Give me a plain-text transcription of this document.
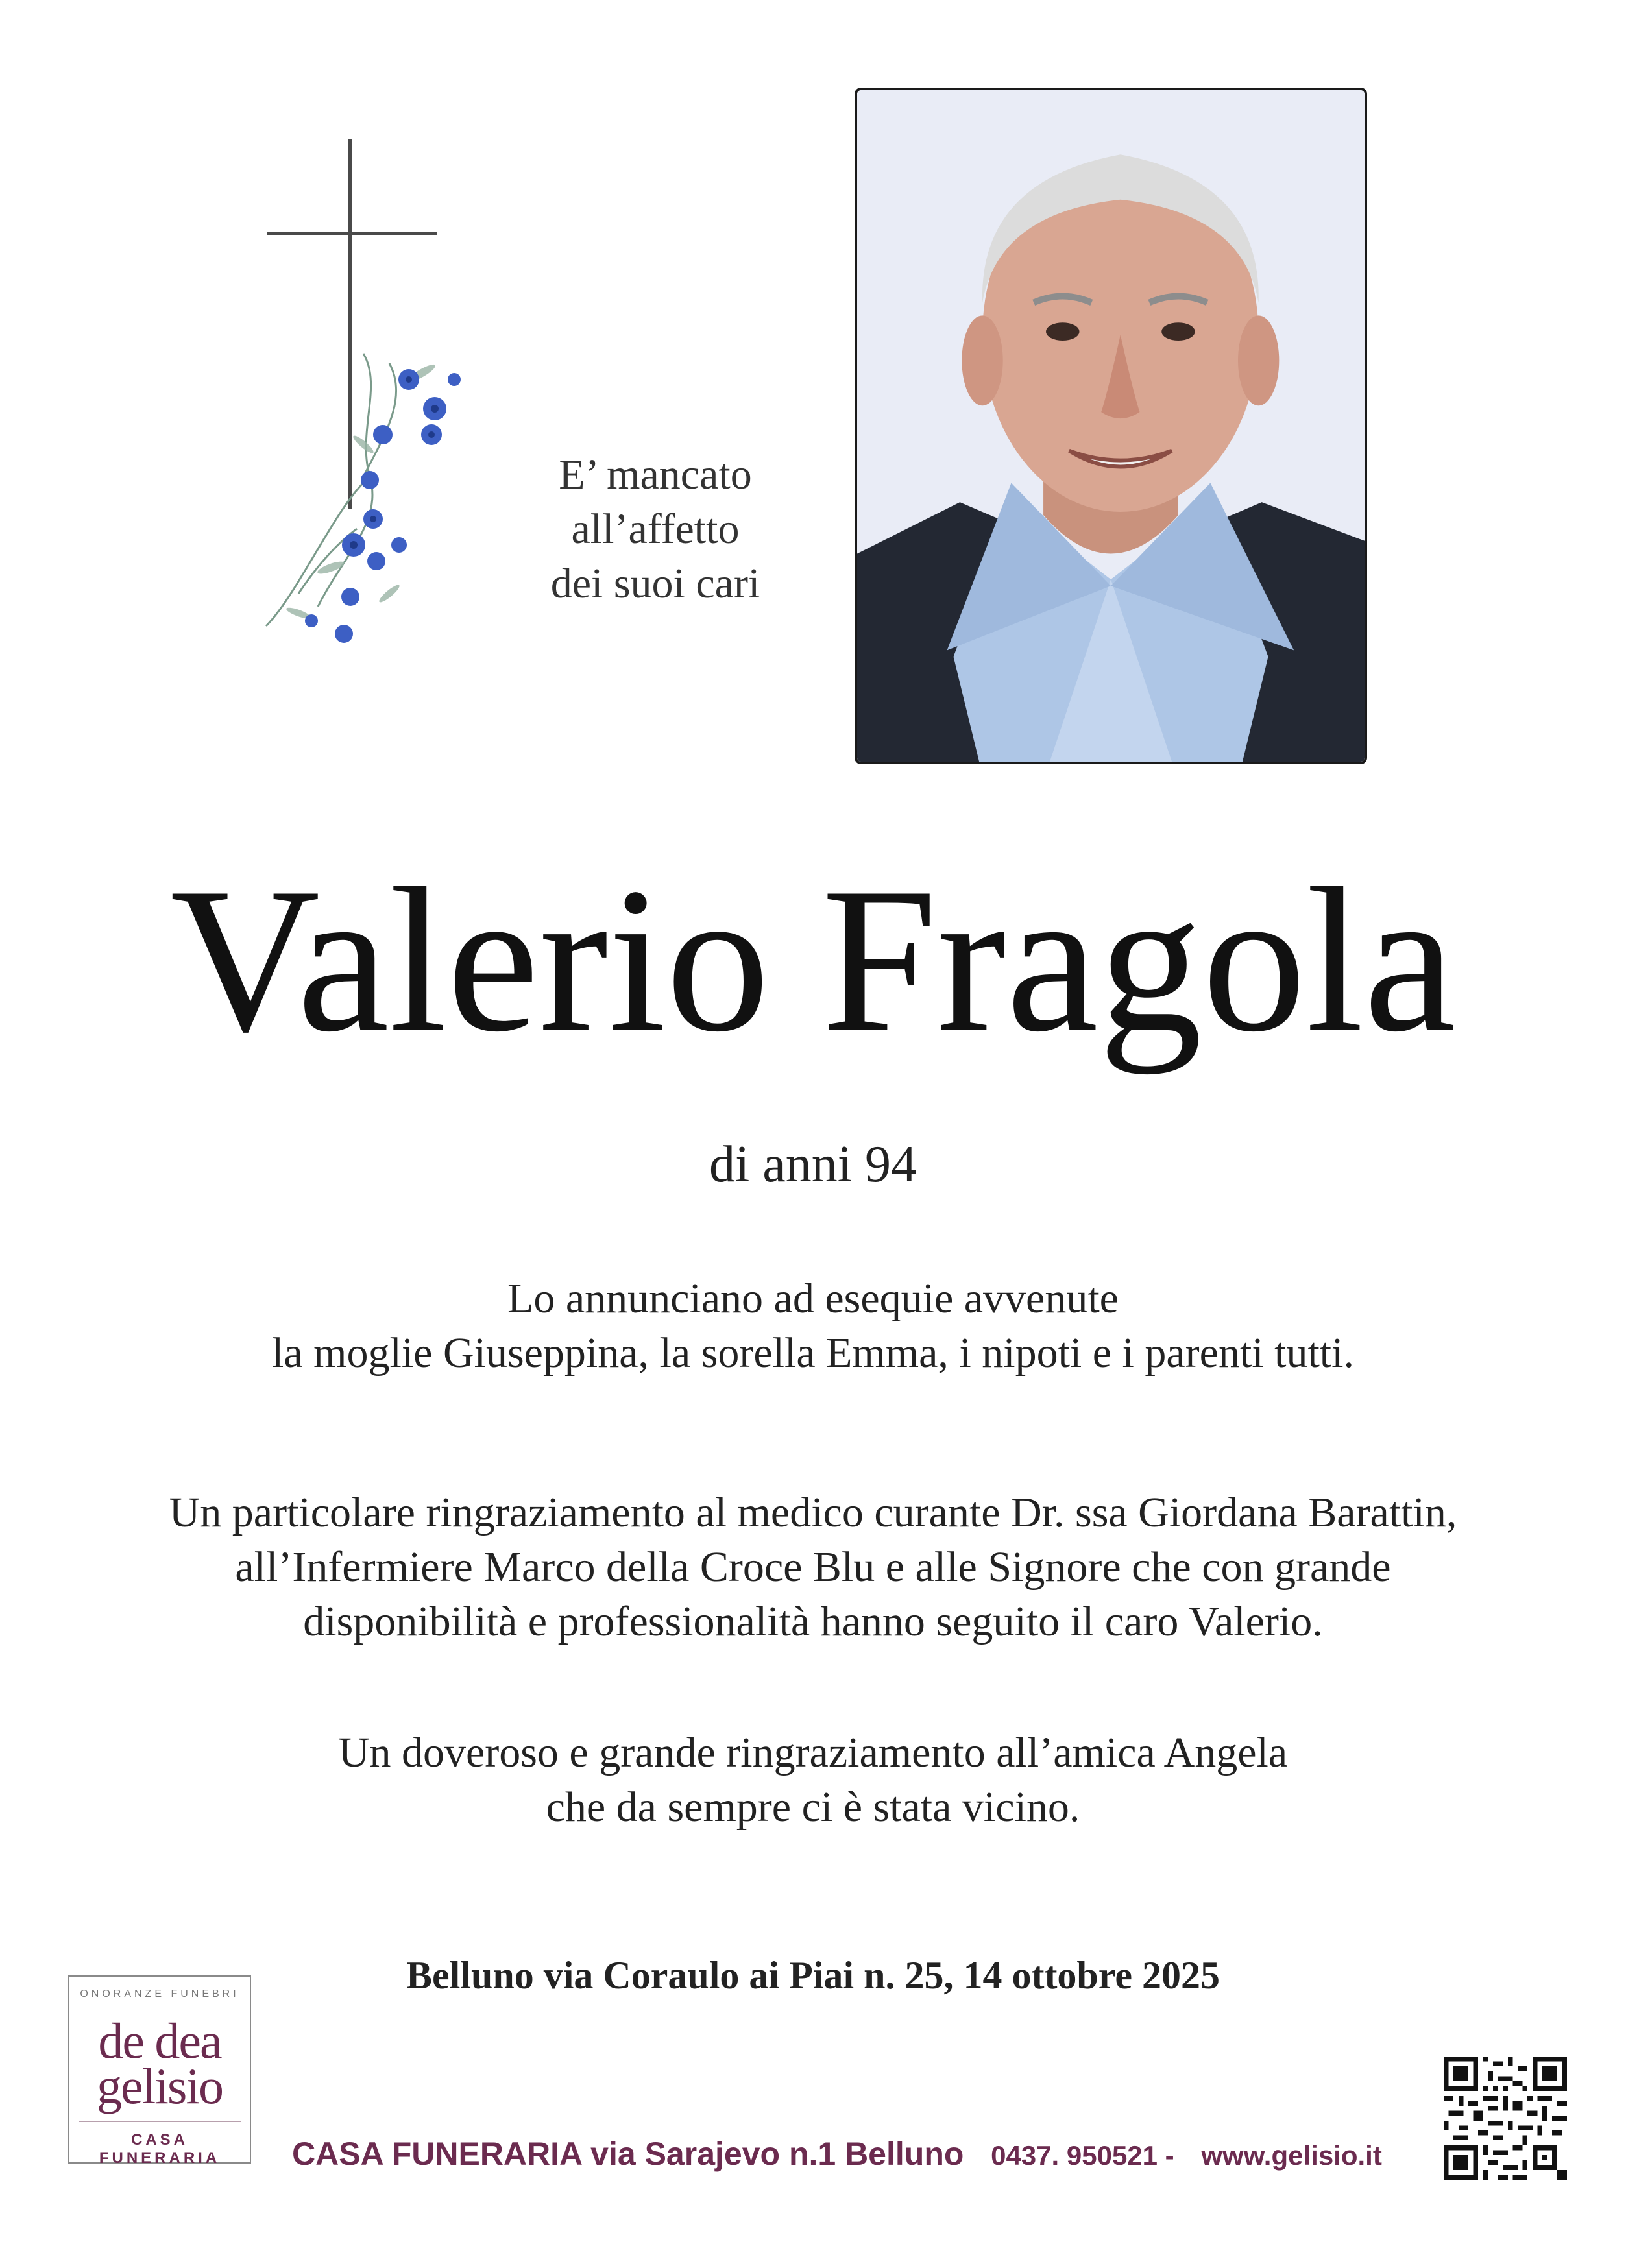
E’ mancato
all’affetto
dei suoi cari
Valerio Fragola
di anni 94
Lo annunciano ad esequie avvenute
la moglie Giuseppina, la sorella Emma, i nipoti e i parenti tutti.
Un particolare ringraziamento al medico curante Dr. ssa Giordana Barattin,
all’Infermiere Marco della Croce Blu e alle Signore che con grande
disponibilità e professionalità hanno seguito il caro Valerio.
Un doveroso e grande ringraziamento all’amica Angela
che da sempre ci è stata vicino.
Belluno via Coraulo ai Piai n. 25, 14 ottobre 2025
ONORANZE FUNEBRI
de dea
gelisio
CASA FUNERARIA	CASA FUNERARIA via Sarajevo n.1 Belluno 0437. 950521 - www.gelisio.it
